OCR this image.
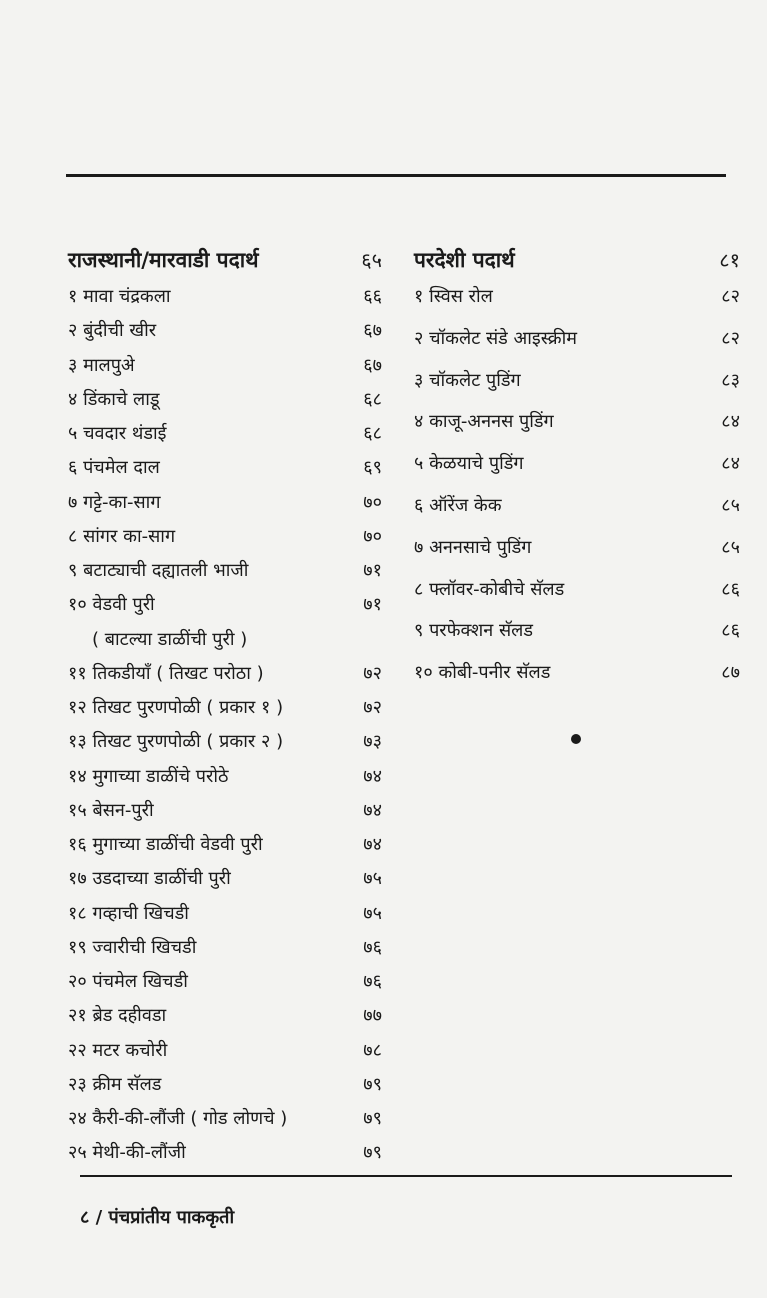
राजस्थानी/मारवाडी पदार्थ	६५
१ मावा चंद्रकला	६६
२ बुंदीची खीर	६७
३ मालपुअे	६७
४ डिंकाचे लाडू	६८
५ चवदार थंडाई	६८
६ पंचमेल दाल	६९
७ गट्टे-का-साग	७०
८ सांगर का-साग	७०
९ बटाट्याची दह्यातली भाजी	७१
१० वेडवी पुरी	७१
( बाटल्या डाळींची पुरी )
११ तिकडीयाँ ( तिखट परोठा )	७२
१२ तिखट पुरणपोळी ( प्रकार १ )	७२
१३ तिखट पुरणपोळी ( प्रकार २ )	७३
१४ मुगाच्या डाळींचे परोठे	७४
१५ बेसन-पुरी	७४
१६ मुगाच्या डाळींची वेडवी पुरी	७४
१७ उडदाच्या डाळींची पुरी	७५
१८ गव्हाची खिचडी	७५
१९ ज्वारीची खिचडी	७६
२० पंचमेल खिचडी	७६
२१ ब्रेड दहीवडा	७७
२२ मटर कचोरी	७८
२३ क्रीम सॅलड	७९
२४ कैरी-की-लौंजी ( गोड लोणचे )	७९
२५ मेथी-की-लौंजी	७९
परदेशी पदार्थ	८१
१ स्विस रोल	८२
२ चॉकलेट संडे आइस्क्रीम	८२
३ चॉकलेट पुडिंग	८३
४ काजू-अननस पुडिंग	८४
५ केळयाचे पुडिंग	८४
६ ऑरेंज केक	८५
७ अननसाचे पुडिंग	८५
८ फ्लॉवर-कोबीचे सॅलड	८६
९ परफेक्शन सॅलड	८६
१० कोबी-पनीर सॅलड	८७
८ / पंचप्रांतीय पाककृती
